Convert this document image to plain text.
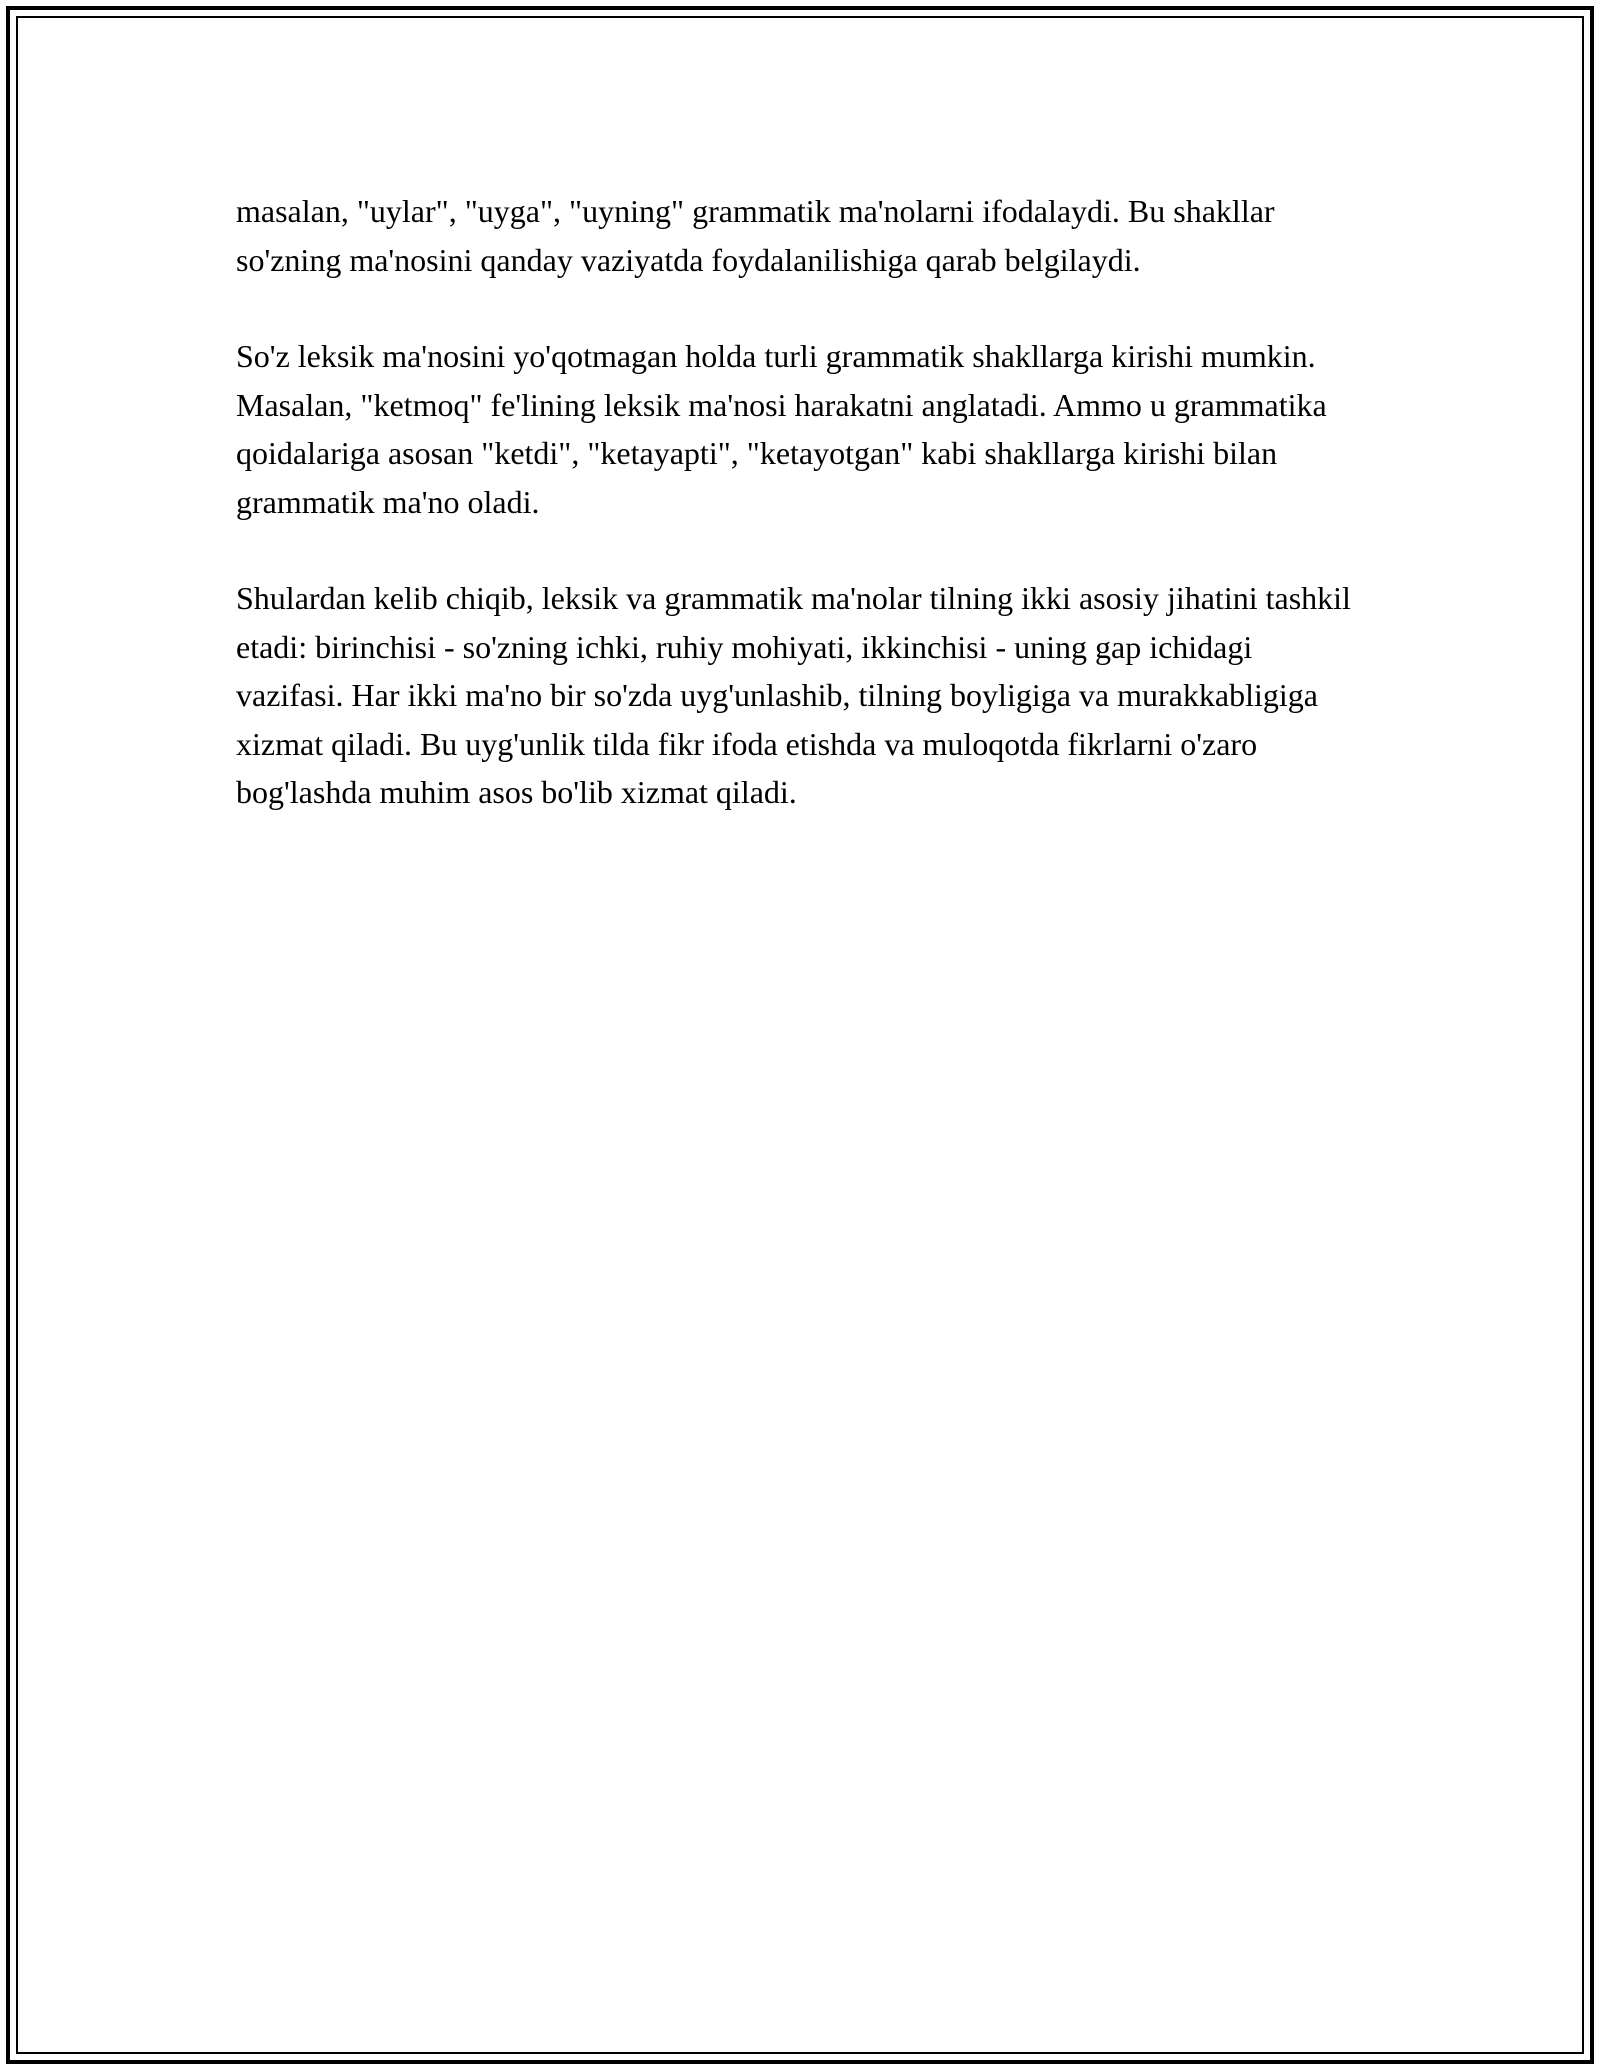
masalan, "uylar", "uyga", "uyning" grammatik ma'nolarni ifodalaydi. Bu shakllar so'zning ma'nosini qanday vaziyatda foydalanilishiga qarab belgilaydi.

So'z leksik ma'nosini yo'qotmagan holda turli grammatik shakllarga kirishi mumkin. Masalan, "ketmoq" fe'lining leksik ma'nosi harakatni anglatadi. Ammo u grammatika qoidalariga asosan "ketdi", "ketayapti", "ketayotgan" kabi shakllarga kirishi bilan grammatik ma'no oladi.

Shulardan kelib chiqib, leksik va grammatik ma'nolar tilning ikki asosiy jihatini tashkil etadi: birinchisi - so'zning ichki, ruhiy mohiyati, ikkinchisi - uning gap ichidagi vazifasi. Har ikki ma'no bir so'zda uyg'unlashib, tilning boyligiga va murakkabligiga xizmat qiladi. Bu uyg'unlik tilda fikr ifoda etishda va muloqotda fikrlarni o'zaro bog'lashda muhim asos bo'lib xizmat qiladi.
